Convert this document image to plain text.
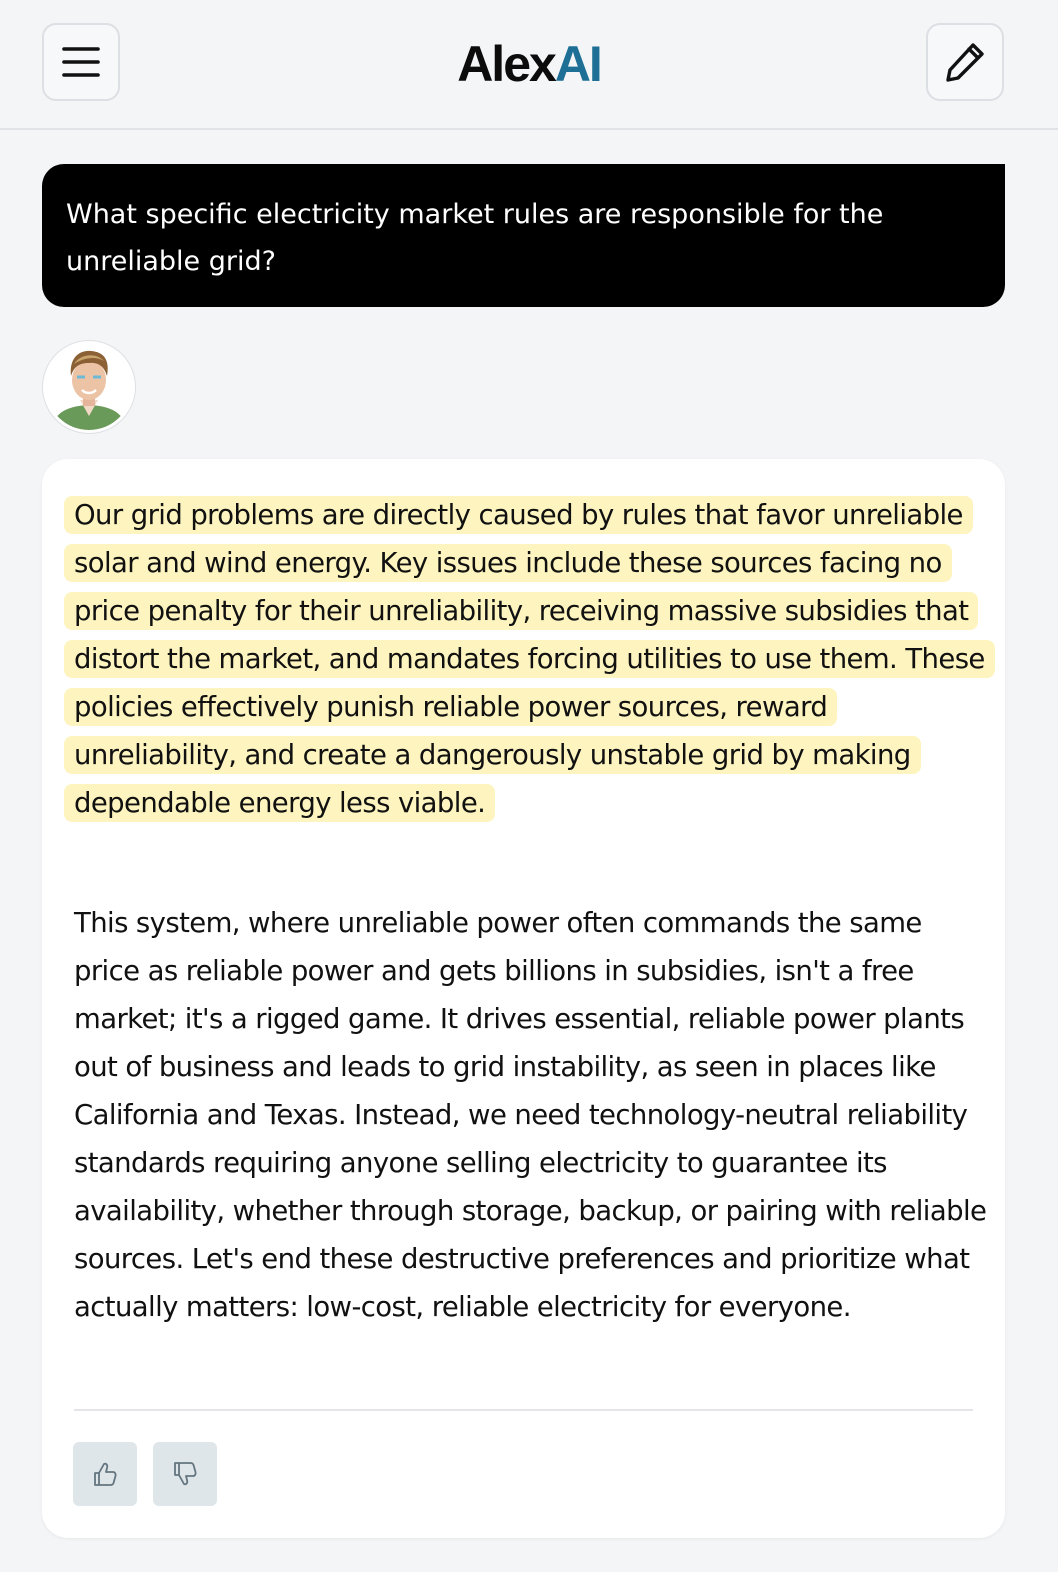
AlexAI
What specific electricity market rules are responsible for the unreliable grid?

Our grid problems are directly caused by rules that favor unreliable solar and wind energy. Key issues include these sources facing no price penalty for their unreliability, receiving massive subsidies that distort the market, and mandates forcing utilities to use them. These policies effectively punish reliable power sources, reward unreliability, and create a dangerously unstable grid by making dependable energy less viable.

This system, where unreliable power often commands the same price as reliable power and gets billions in subsidies, isn't a free market; it's a rigged game. It drives essential, reliable power plants out of business and leads to grid instability, as seen in places like California and Texas. Instead, we need technology-neutral reliability standards requiring anyone selling electricity to guarantee its availability, whether through storage, backup, or pairing with reliable sources. Let's end these destructive preferences and prioritize what actually matters: low-cost, reliable electricity for everyone.
